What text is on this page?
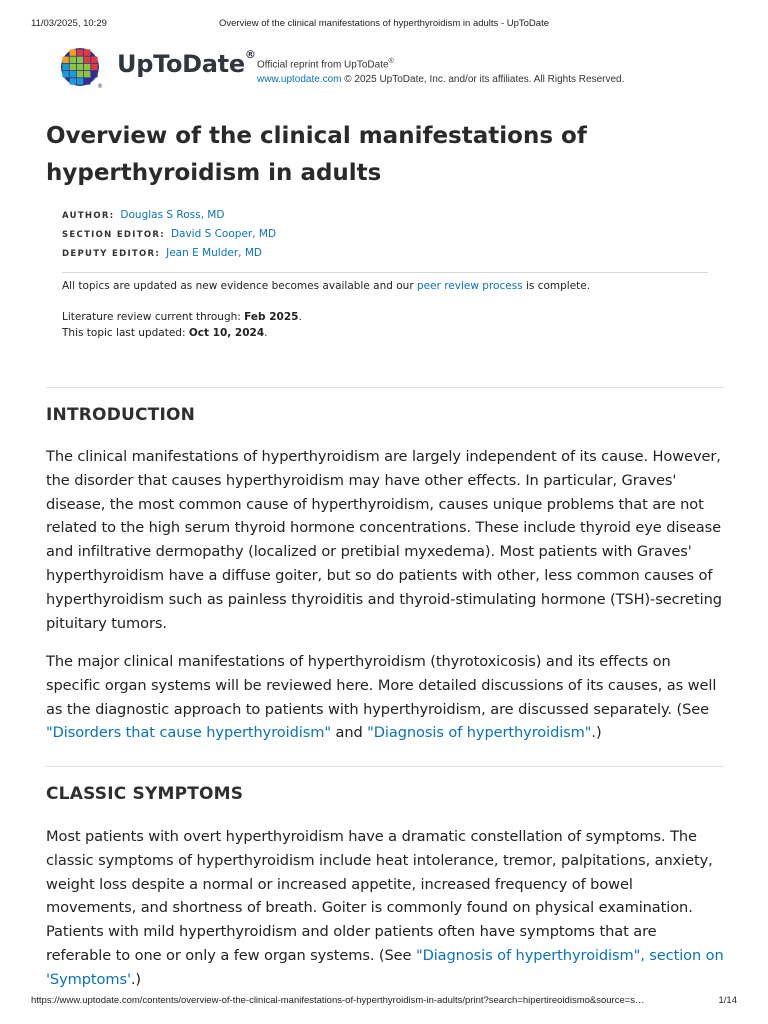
11/03/2025, 10:29	Overview of the clinical manifestations of hyperthyroidism in adults - UpToDate
®
UpToDate®
Official reprint from UpToDate®
www.uptodate.com © 2025 UpToDate, Inc. and/or its affiliates. All Rights Reserved.
Overview of the clinical manifestations of
hyperthyroidism in adults
AUTHOR : Douglas S Ross, MD
SECTION EDITOR : David S Cooper, MD
DEPUTY EDITOR : Jean E Mulder, MD
All topics are updated as new evidence becomes available and our peer review process is complete.
Literature review current through: Feb 2025.
This topic last updated: Oct 10, 2024.
INTRODUCTION

The clinical manifestations of hyperthyroidism are largely independent of its cause. However, the disorder that causes hyperthyroidism may have other effects. In particular, Graves' disease, the most common cause of hyperthyroidism, causes unique problems that are not related to the high serum thyroid hormone concentrations. These include thyroid eye disease and infiltrative dermopathy (localized or pretibial myxedema). Most patients with Graves' hyperthyroidism have a diffuse goiter, but so do patients with other, less common causes of hyperthyroidism such as painless thyroiditis and thyroid-stimulating hormone (TSH)-secreting pituitary tumors.

The major clinical manifestations of hyperthyroidism (thyrotoxicosis) and its effects on specific organ systems will be reviewed here. More detailed discussions of its causes, as well as the diagnostic approach to patients with hyperthyroidism, are discussed separately. (See "Disorders that cause hyperthyroidism" and "Diagnosis of hyperthyroidism".)

CLASSIC SYMPTOMS

Most patients with overt hyperthyroidism have a dramatic constellation of symptoms. The classic symptoms of hyperthyroidism include heat intolerance, tremor, palpitations, anxiety, weight loss despite a normal or increased appetite, increased frequency of bowel movements, and shortness of breath. Goiter is commonly found on physical examination. Patients with mild hyperthyroidism and older patients often have symptoms that are referable to one or only a few organ systems. (See "Diagnosis of hyperthyroidism", section on 'Symptoms'.)

https://www.uptodate.com/contents/overview-of-the-clinical-manifestations-of-hyperthyroidism-in-adults/print?search=hipertireoidismo&source=s…	1/14
